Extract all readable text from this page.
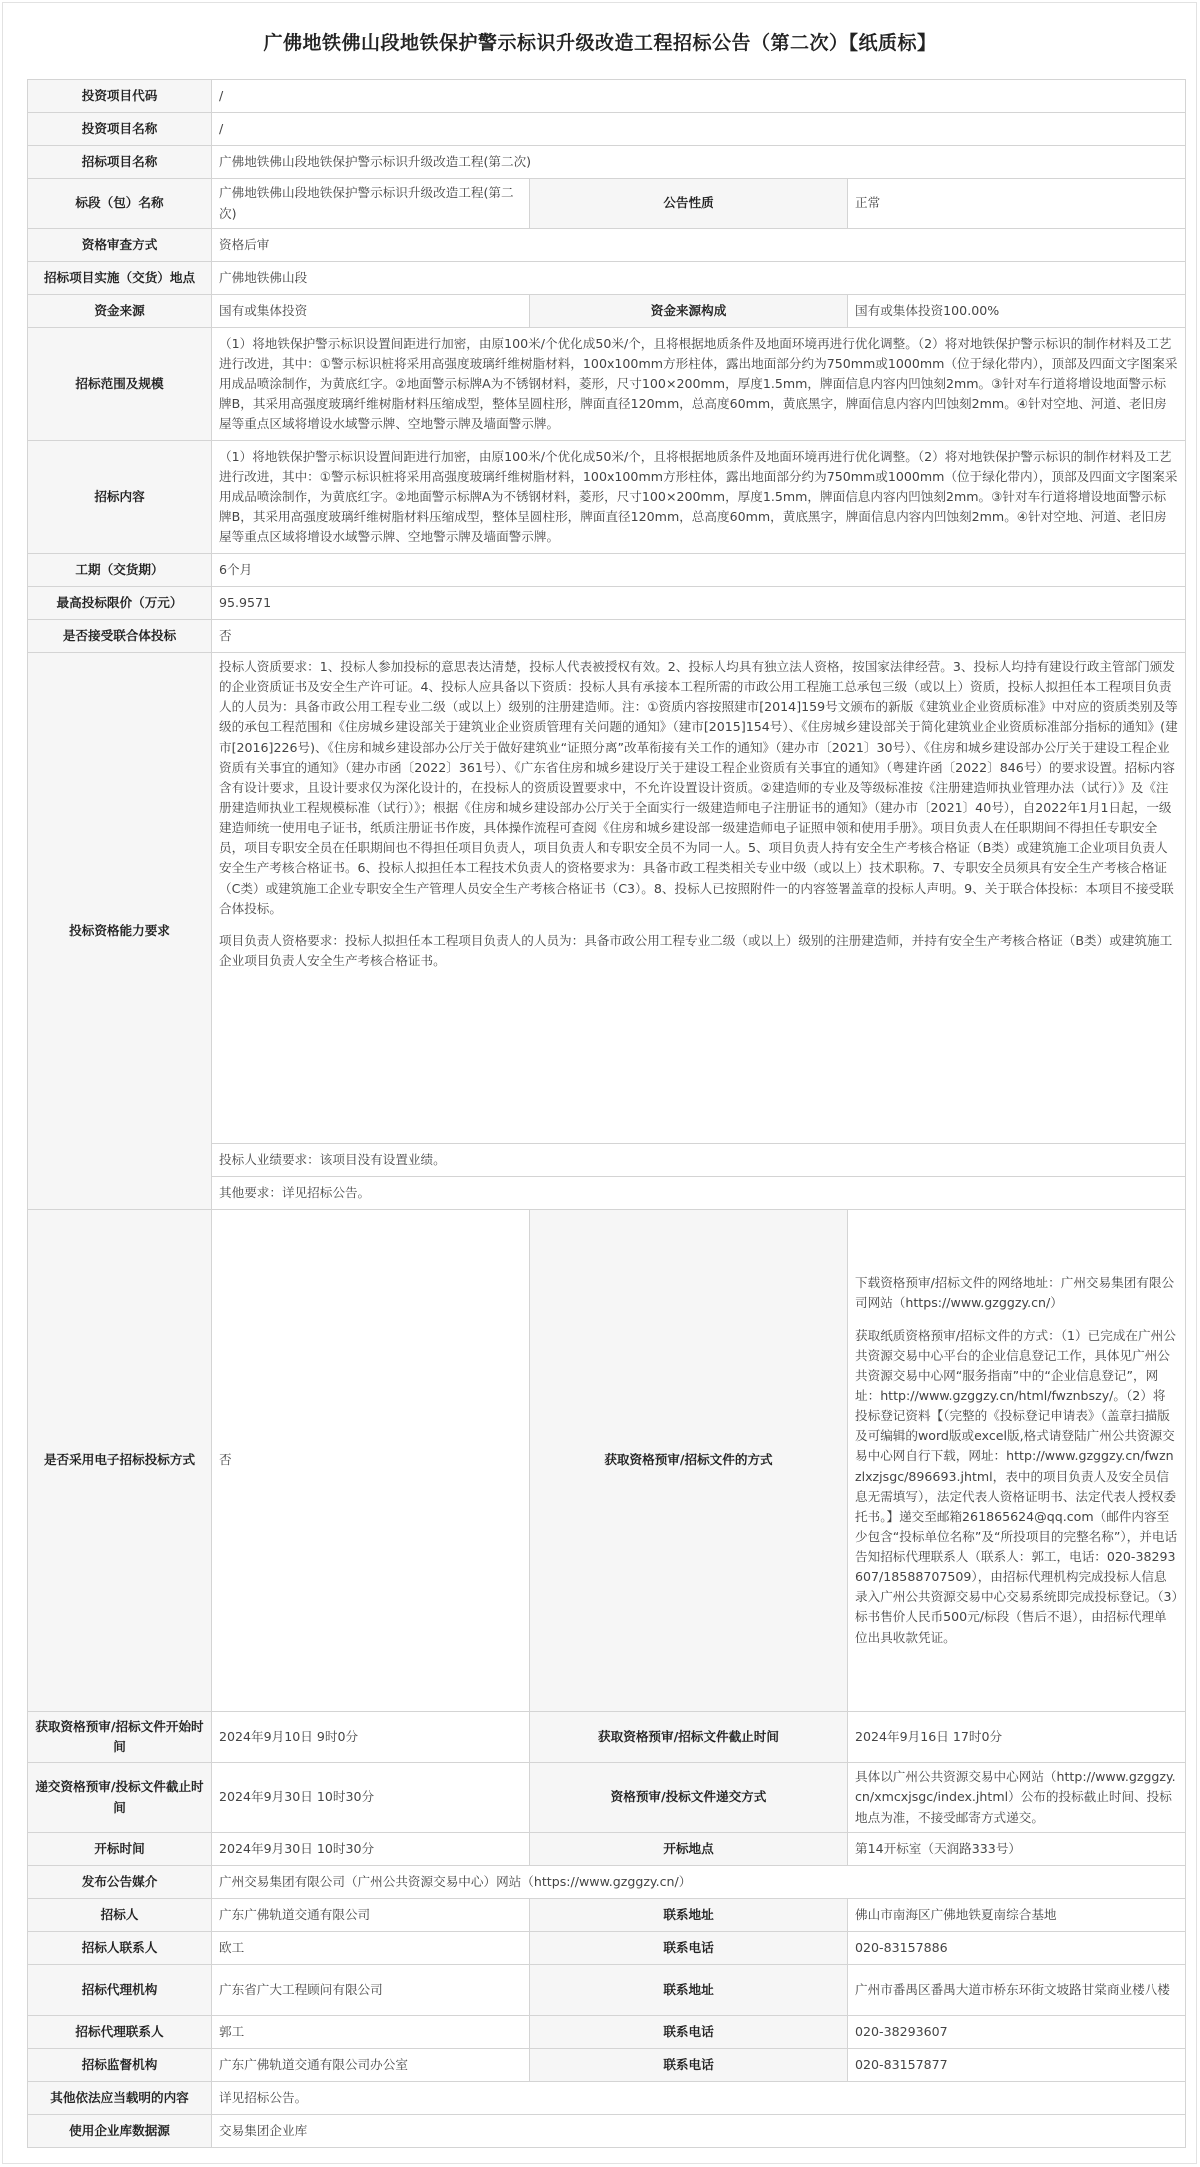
广佛地铁佛山段地铁保护警示标识升级改造工程招标公告（第二次）【纸质标】
投资项目代码	/		
投资项目名称	/		
招标项目名称	广佛地铁佛山段地铁保护警示标识升级改造工程(第二次)		
标段（包）名称	广佛地铁佛山段地铁保护警示标识升级改造工程(第二次)	公告性质	正常
资格审查方式	资格后审		
招标项目实施（交货）地点	广佛地铁佛山段		
资金来源	国有或集体投资	资金来源构成	国有或集体投资100.00%
招标范围及规模	（1）将地铁保护警示标识设置间距进行加密，由原100米/个优化成50米/个，且将根据地质条件及地面环境再进行优化调整。（2）将对地铁保护警示标识的制作材料及工艺进行改进，其中：①警示标识桩将采用高强度玻璃纤维树脂材料，100x100mm方形柱体，露出地面部分约为750mm或1000mm（位于绿化带内），顶部及四面文字图案采用成品喷涂制作，为黄底红字。②地面警示标牌A为不锈钢材料，菱形，尺寸100×200mm，厚度1.5mm，牌面信息内容内凹蚀刻2mm。③针对车行道将增设地面警示标牌B，其采用高强度玻璃纤维树脂材料压缩成型，整体呈圆柱形，牌面直径120mm，总高度60mm，黄底黑字，牌面信息内容内凹蚀刻2mm。④针对空地、河道、老旧房屋等重点区域将增设水域警示牌、空地警示牌及墙面警示牌。		
招标内容	（1）将地铁保护警示标识设置间距进行加密，由原100米/个优化成50米/个，且将根据地质条件及地面环境再进行优化调整。（2）将对地铁保护警示标识的制作材料及工艺进行改进，其中：①警示标识桩将采用高强度玻璃纤维树脂材料，100x100mm方形柱体，露出地面部分约为750mm或1000mm（位于绿化带内），顶部及四面文字图案采用成品喷涂制作，为黄底红字。②地面警示标牌A为不锈钢材料，菱形，尺寸100×200mm，厚度1.5mm，牌面信息内容内凹蚀刻2mm。③针对车行道将增设地面警示标牌B，其采用高强度玻璃纤维树脂材料压缩成型，整体呈圆柱形，牌面直径120mm，总高度60mm，黄底黑字，牌面信息内容内凹蚀刻2mm。④针对空地、河道、老旧房屋等重点区域将增设水域警示牌、空地警示牌及墙面警示牌。		
工期（交货期）	6个月		
最高投标限价（万元）	95.9571		
是否接受联合体投标	否		
投标资格能力要求	投标人资质要求：1、投标人参加投标的意思表达清楚，投标人代表被授权有效。2、投标人均具有独立法人资格，按国家法律经营。3、投标人均持有建设行政主管部门颁发的企业资质证书及安全生产许可证。4、投标人应具备以下资质：投标人具有承接本工程所需的市政公用工程施工总承包三级（或以上）资质，投标人拟担任本工程项目负责人的人员为：具备市政公用工程专业二级（或以上）级别的注册建造师。注：①资质内容按照建市[2014]159号文颁布的新版《建筑业企业资质标准》中对应的资质类别及等级的承包工程范围和《住房城乡建设部关于建筑业企业资质管理有关问题的通知》（建市[2015]154号）、《住房城乡建设部关于简化建筑业企业资质标准部分指标的通知》(建市[2016]226号)、《住房和城乡建设部办公厅关于做好建筑业“证照分离”改革衔接有关工作的通知》（建办市〔2021〕30号）、《住房和城乡建设部办公厅关于建设工程企业资质有关事宜的通知》（建办市函〔2022〕361号）、《广东省住房和城乡建设厅关于建设工程企业资质有关事宜的通知》（粤建许函〔2022〕846号）的要求设置。招标内容含有设计要求，且设计要求仅为深化设计的，在投标人的资质设置要求中，不允许设置设计资质。②建造师的专业及等级标准按《注册建造师执业管理办法（试行）》及《注册建造师执业工程规模标准（试行）》；根据《住房和城乡建设部办公厅关于全面实行一级建造师电子注册证书的通知》（建办市〔2021〕40号），自2022年1月1日起，一级建造师统一使用电子证书，纸质注册证书作废，具体操作流程可查阅《住房和城乡建设部一级建造师电子证照申领和使用手册》。项目负责人在任职期间不得担任专职安全员，项目专职安全员在任职期间也不得担任项目负责人，项目负责人和专职安全员不为同一人。5、项目负责人持有安全生产考核合格证（B类）或建筑施工企业项目负责人安全生产考核合格证书。6、投标人拟担任本工程技术负责人的资格要求为：具备市政工程类相关专业中级（或以上）技术职称。7、专职安全员须具有安全生产考核合格证（C类）或建筑施工企业专职安全生产管理人员安全生产考核合格证书（C3）。8、投标人已按照附件一的内容签署盖章的投标人声明。9、关于联合体投标：本项目不接受联合体投标。

项目负责人资格要求：投标人拟担任本工程项目负责人的人员为：具备市政公用工程专业二级（或以上）级别的注册建造师，并持有安全生产考核合格证（B类）或建筑施工企业项目负责人安全生产考核合格证书。		

	投标人业绩要求：该项目没有设置业绩。		
	其他要求：详见招标公告。		
是否采用电子招标投标方式	否	获取资格预审/招标文件的方式	下载资格预审/招标文件的网络地址：广州交易集团有限公司网站（https://www.gzggzy.cn/）

获取纸质资格预审/招标文件的方式：（1）已完成在广州公共资源交易中心平台的企业信息登记工作，具体见广州公共资源交易中心网“服务指南”中的“企业信息登记”，网址：http://www.gzggzy.cn/html/fwznbszy/。（2）将投标登记资料【（完整的《投标登记申请表》（盖章扫描版及可编辑的word版或excel版,格式请登陆广州公共资源交易中心网自行下载，网址：http://www.gzggzy.cn/fwznzlxzjsgc/896693.jhtml，表中的项目负责人及安全员信息无需填写），法定代表人资格证明书、法定代表人授权委托书。】递交至邮箱261865624@qq.com（邮件内容至少包含“投标单位名称”及“所投项目的完整名称”），并电话告知招标代理联系人（联系人：郭工，电话：020-38293607/18588707509），由招标代理机构完成投标人信息录入广州公共资源交易中心交易系统即完成投标登记。（3）标书售价人民币500元/标段（售后不退），由招标代理单位出具收款凭证。

获取资格预审/招标文件开始时间	2024年9月10日 9时0分	获取资格预审/招标文件截止时间	2024年9月16日 17时0分
递交资格预审/投标文件截止时间	2024年9月30日 10时30分	资格预审/投标文件递交方式	具体以广州公共资源交易中心网站（http://www.gzggzy.cn/xmcxjsgc/index.jhtml）公布的投标截止时间、投标地点为准，不接受邮寄方式递交。
开标时间	2024年9月30日 10时30分	开标地点	第14开标室（天润路333号）
发布公告媒介	广州交易集团有限公司（广州公共资源交易中心）网站（https://www.gzggzy.cn/）		
招标人	广东广佛轨道交通有限公司	联系地址	佛山市南海区广佛地铁夏南综合基地
招标人联系人	欧工	联系电话	020-83157886
招标代理机构	广东省广大工程顾问有限公司	联系地址	广州市番禺区番禺大道市桥东环街文坡路甘棠商业楼八楼
招标代理联系人	郭工	联系电话	020-38293607
招标监督机构	广东广佛轨道交通有限公司办公室	联系电话	020-83157877
其他依法应当载明的内容	详见招标公告。		
使用企业库数据源	交易集团企业库		
